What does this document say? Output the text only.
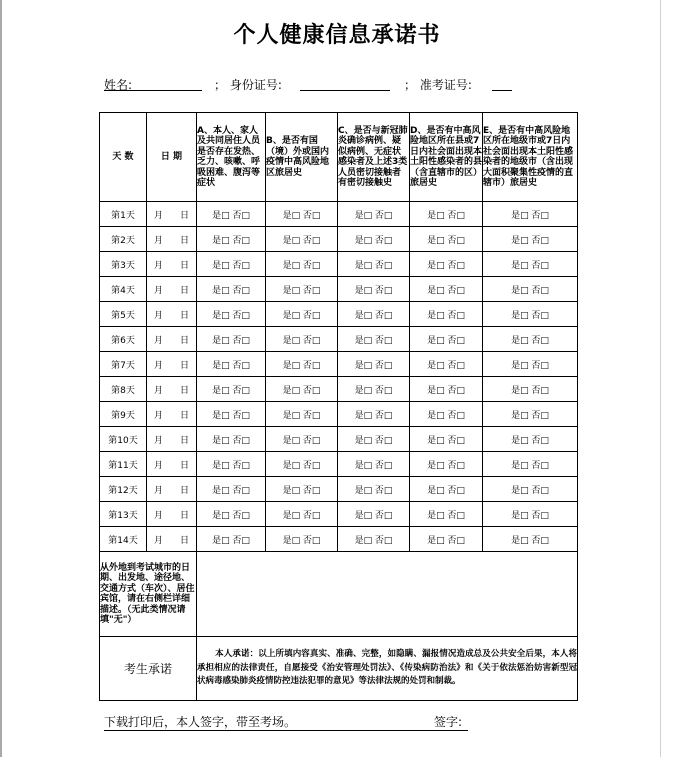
个人健康信息承诺书
姓名:	； 身份证号:	； 准考证号:
天 数	日 期	A、本人、家人及共同居住人员是否存在发热、乏力、咳嗽、呼吸困难、腹泻等症状	B、是否有国（境）外或国内疫情中高风险地区旅居史	C、是否与新冠肺炎确诊病例、疑似病例、无症状感染者及上述3类人员密切接触者有密切接触史	D、是否有中高风险地区所在县或7日内社会面出现本土阳性感染者的县（含直辖市的区）旅居史	E、是否有中高风险地区所在地级市或7日内社会面出现本土阳性感染者的地级市（含出现大面积聚集性疫情的直辖市）旅居史
第1天	月 日	是□ 否□	是□ 否□	是□ 否□	是□ 否□	是□ 否□
第2天	月 日	是□ 否□	是□ 否□	是□ 否□	是□ 否□	是□ 否□
第3天	月 日	是□ 否□	是□ 否□	是□ 否□	是□ 否□	是□ 否□
第4天	月 日	是□ 否□	是□ 否□	是□ 否□	是□ 否□	是□ 否□
第5天	月 日	是□ 否□	是□ 否□	是□ 否□	是□ 否□	是□ 否□
第6天	月 日	是□ 否□	是□ 否□	是□ 否□	是□ 否□	是□ 否□
第7天	月 日	是□ 否□	是□ 否□	是□ 否□	是□ 否□	是□ 否□
第8天	月 日	是□ 否□	是□ 否□	是□ 否□	是□ 否□	是□ 否□
第9天	月 日	是□ 否□	是□ 否□	是□ 否□	是□ 否□	是□ 否□
第10天	月 日	是□ 否□	是□ 否□	是□ 否□	是□ 否□	是□ 否□
第11天	月 日	是□ 否□	是□ 否□	是□ 否□	是□ 否□	是□ 否□
第12天	月 日	是□ 否□	是□ 否□	是□ 否□	是□ 否□	是□ 否□
第13天	月 日	是□ 否□	是□ 否□	是□ 否□	是□ 否□	是□ 否□
第14天	月 日	是□ 否□	是□ 否□	是□ 否□	是□ 否□	是□ 否□
从外地到考试城市的日期、出发地、途径地、交通方式（车次）、居住宾馆，请在右侧栏详细描述。（无此类情况请填"无"）						
考生承诺		本人承诺：以上所填内容真实、准确、完整，如隐瞒、漏报情况造成总及公共安全后果，本人将承担相应的法律责任，自愿接受《治安管理处罚法》、《传染病防治法》和《关于依法惩治妨害新型冠状病毒感染肺炎疫情防控违法犯罪的意见》等法律法规的处罚和制裁。				
下载打印后，本人签字，带至考场。	签字:
